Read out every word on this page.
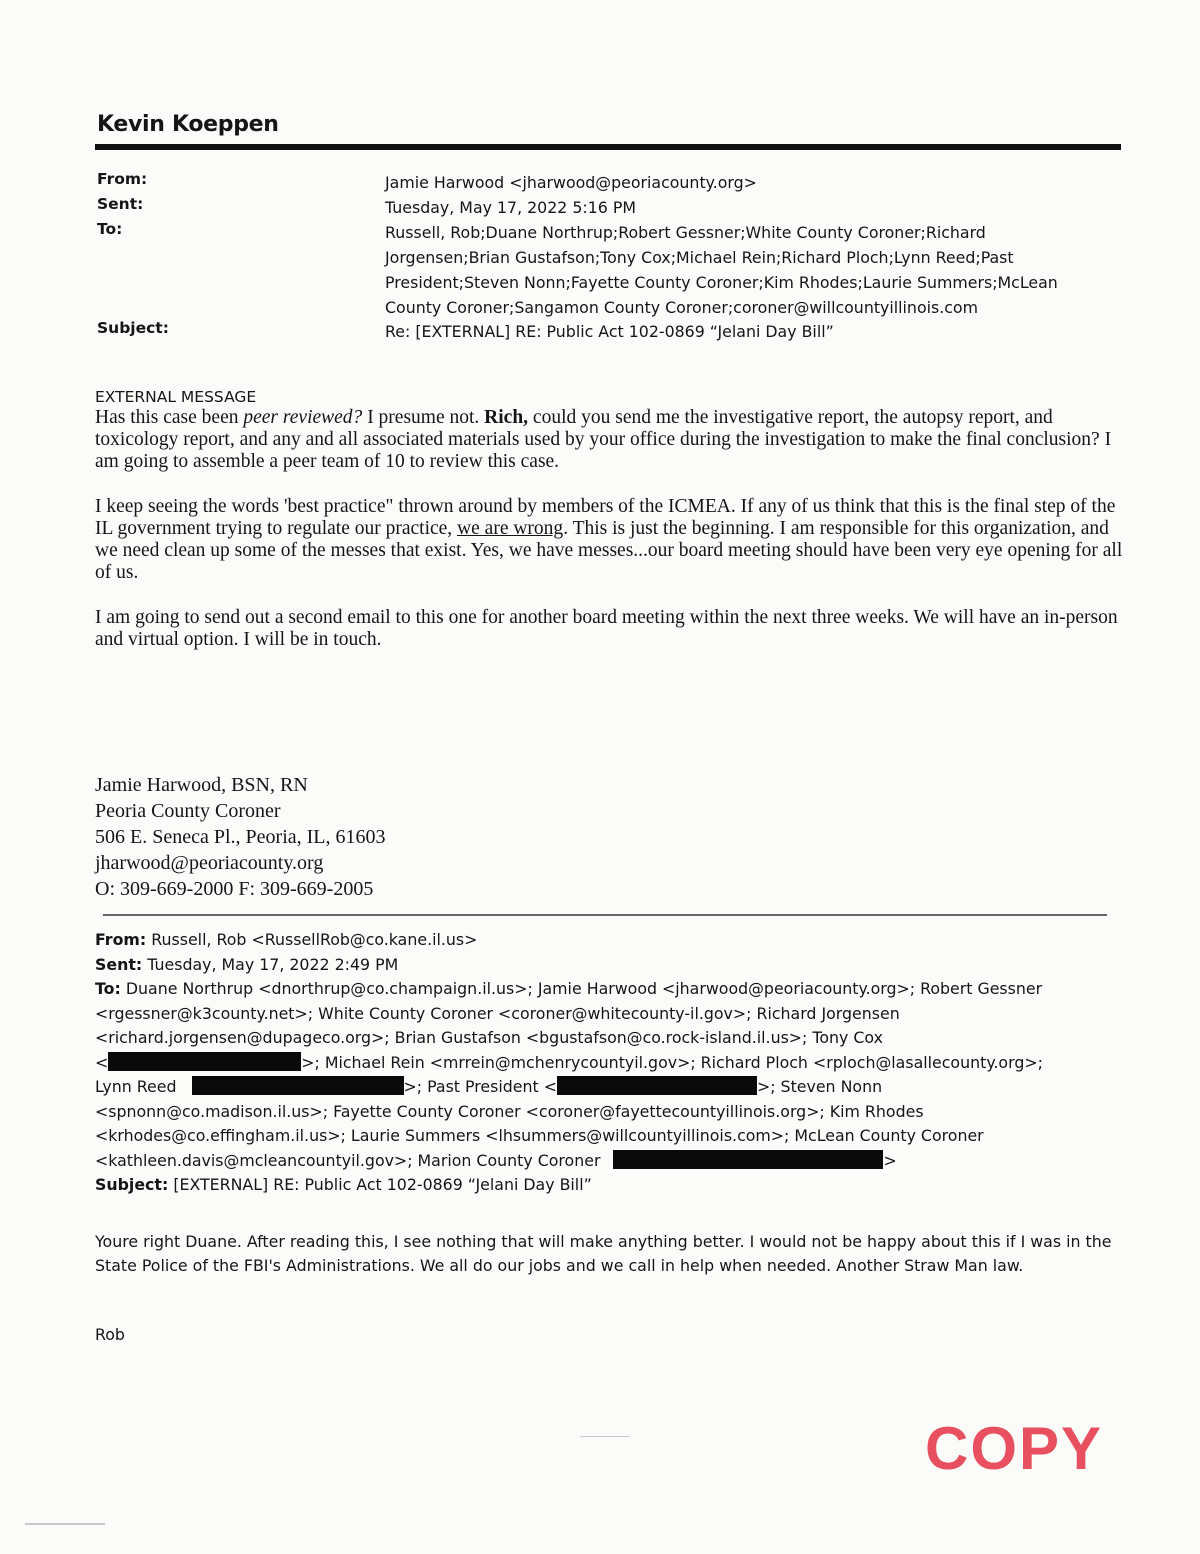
Kevin Koeppen
From:	Jamie Harwood <jharwood@peoriacounty.org>
Sent:	Tuesday, May 17, 2022 5:16 PM
To:	Russell, Rob;Duane Northrup;Robert Gessner;White County Coroner;Richard
Jorgensen;Brian Gustafson;Tony Cox;Michael Rein;Richard Ploch;Lynn Reed;Past
President;Steven Nonn;Fayette County Coroner;Kim Rhodes;Laurie Summers;McLean
County Coroner;Sangamon County Coroner;coroner@willcountyillinois.com
Subject:	Re: [EXTERNAL] RE: Public Act 102-0869 “Jelani Day Bill”
EXTERNAL MESSAGE

Has this case been peer reviewed? I presume not. Rich, could you send me the investigative report, the autopsy report, and toxicology report, and any and all associated materials used by your office during the investigation to make the final conclusion? I am going to assemble a peer team of 10 to review this case.

I keep seeing the words 'best practice" thrown around by members of the ICMEA. If any of us think that this is the final step of the IL government trying to regulate our practice, we are wrong. This is just the beginning. I am responsible for this organization, and we need clean up some of the messes that exist. Yes, we have messes...our board meeting should have been very eye opening for all of us.

I am going to send out a second email to this one for another board meeting within the next three weeks. We will have an in-person and virtual option. I will be in touch.

Jamie Harwood, BSN, RN
Peoria County Coroner
506 E. Seneca Pl., Peoria, IL, 61603
jharwood@peoriacounty.org
O: 309-669-2000 F: 309-669-2005
From: Russell, Rob <RussellRob@co.kane.il.us>
Sent: Tuesday, May 17, 2022 2:49 PM
To: Duane Northrup <dnorthrup@co.champaign.il.us>; Jamie Harwood <jharwood@peoriacounty.org>; Robert Gessner
<rgessner@k3county.net>; White County Coroner <coroner@whitecounty-il.gov>; Richard Jorgensen
<richard.jorgensen@dupageco.org>; Brian Gustafson <bgustafson@co.rock-island.il.us>; Tony Cox
<	>; Michael Rein <mrrein@mchenrycountyil.gov>; Richard Ploch <rploch@lasallecounty.org>;
Lynn Reed	>; Past President <	>; Steven Nonn
<spnonn@co.madison.il.us>; Fayette County Coroner <coroner@fayettecountyillinois.org>; Kim Rhodes
<krhodes@co.effingham.il.us>; Laurie Summers <lhsummers@willcountyillinois.com>; McLean County Coroner
<kathleen.davis@mcleancountyil.gov>; Marion County Coroner	>
Subject: [EXTERNAL] RE: Public Act 102-0869 “Jelani Day Bill”
Youre right Duane. After reading this, I see nothing that will make anything better. I would not be happy about this if I was in the State Police of the FBI's Administrations. We all do our jobs and we call in help when needed. Another Straw Man law.
Rob
COPY
